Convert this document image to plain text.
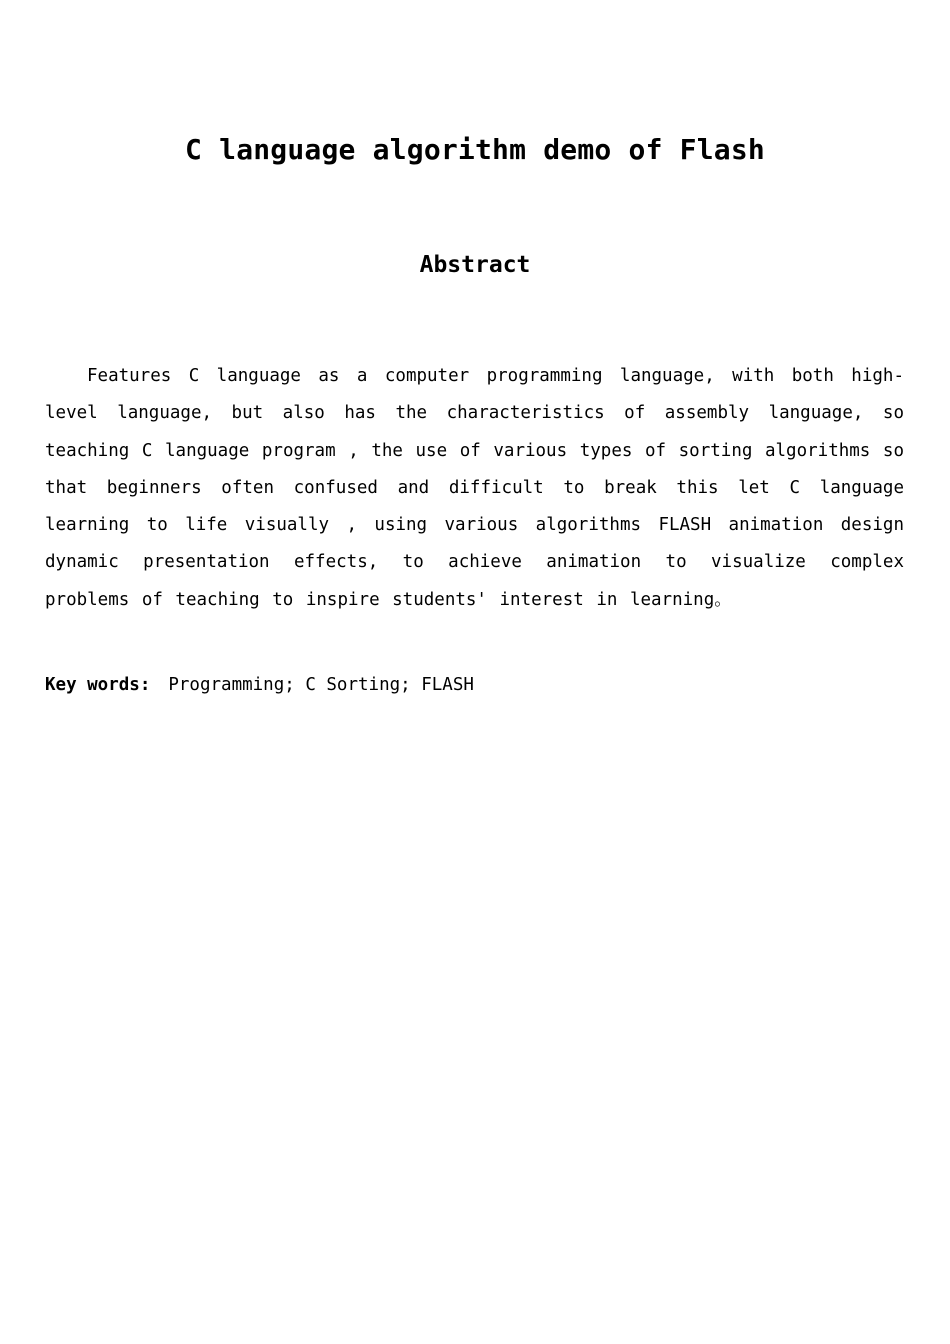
C language algorithm demo of Flash
Abstract

Features C language as a computer programming language, with both high-level language, but also has the characteristics of assembly language, so teaching C language program , the use of various types of sorting algorithms so that beginners often confused and difficult to break this let C language learning to life visually , using various algorithms FLASH animation design dynamic presentation effects, to achieve animation to visualize complex problems of teaching to inspire students' interest in learning。

Key words: Programming; C Sorting; FLASH
